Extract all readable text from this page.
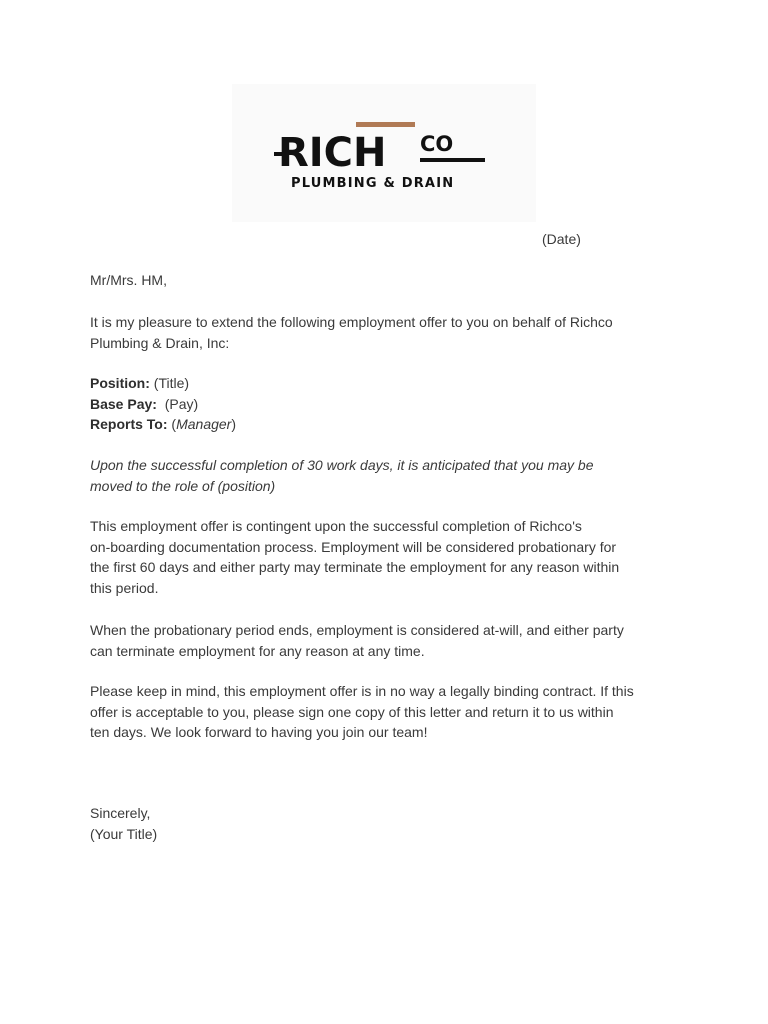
RICH CO
PLUMBING & DRAIN
(Date)
Mr/Mrs. HM,
It is my pleasure to extend the following employment offer to you on behalf of Richco
Plumbing & Drain, Inc:
Position: (Title)
Base Pay:  (Pay)
Reports To: (Manager)
Upon the successful completion of 30 work days, it is anticipated that you may be
moved to the role of (position)
This employment offer is contingent upon the successful completion of Richco's
on-boarding documentation process. Employment will be considered probationary for
the first 60 days and either party may terminate the employment for any reason within
this period.
When the probationary period ends, employment is considered at-will, and either party
can terminate employment for any reason at any time.
Please keep in mind, this employment offer is in no way a legally binding contract. If this
offer is acceptable to you, please sign one copy of this letter and return it to us within
ten days. We look forward to having you join our team!
Sincerely,
(Your Title)
